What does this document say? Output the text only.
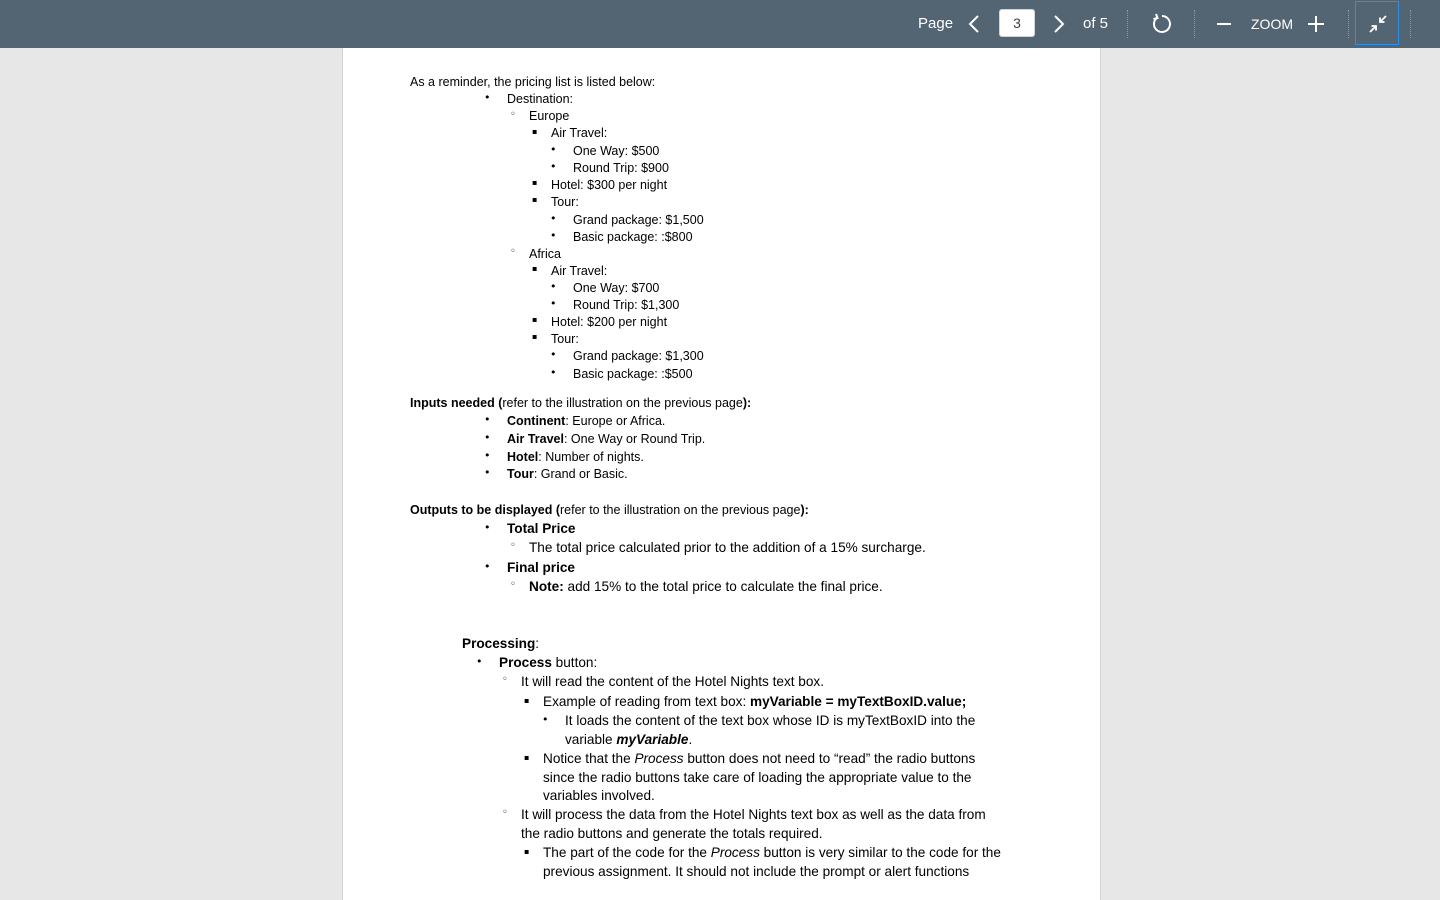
Page
3	of 5	ZOOM
As a reminder, the pricing list is listed below:
• Destination:
◦ Europe
▪ Air Travel:
• One Way: $500
• Round Trip: $900
▪ Hotel: $300 per night
▪ Tour:
• Grand package: $1,500
• Basic package: :$800
◦ Africa
▪ Air Travel:
• One Way: $700
• Round Trip: $1,300
▪ Hotel: $200 per night
▪ Tour:
• Grand package: $1,300
• Basic package: :$500
Inputs needed (refer to the illustration on the previous page):
• Continent: Europe or Africa.
• Air Travel: One Way or Round Trip.
• Hotel: Number of nights.
• Tour: Grand or Basic.
Outputs to be displayed (refer to the illustration on the previous page):
• Total Price
◦ The total price calculated prior to the addition of a 15% surcharge.
• Final price
◦ Note: add 15% to the total price to calculate the final price.
Processing:
• Process button:
◦ It will read the content of the Hotel Nights text box.
▪ Example of reading from text box: myVariable = myTextBoxID.value;
• It loads the content of the text box whose ID is myTextBoxID into the
variable myVariable.
▪ Notice that the Process button does not need to “read” the radio buttons
since the radio buttons take care of loading the appropriate value to the
variables involved.
◦ It will process the data from the Hotel Nights text box as well as the data from
the radio buttons and generate the totals required.
▪ The part of the code for the Process button is very similar to the code for the
previous assignment. It should not include the prompt or alert functions
